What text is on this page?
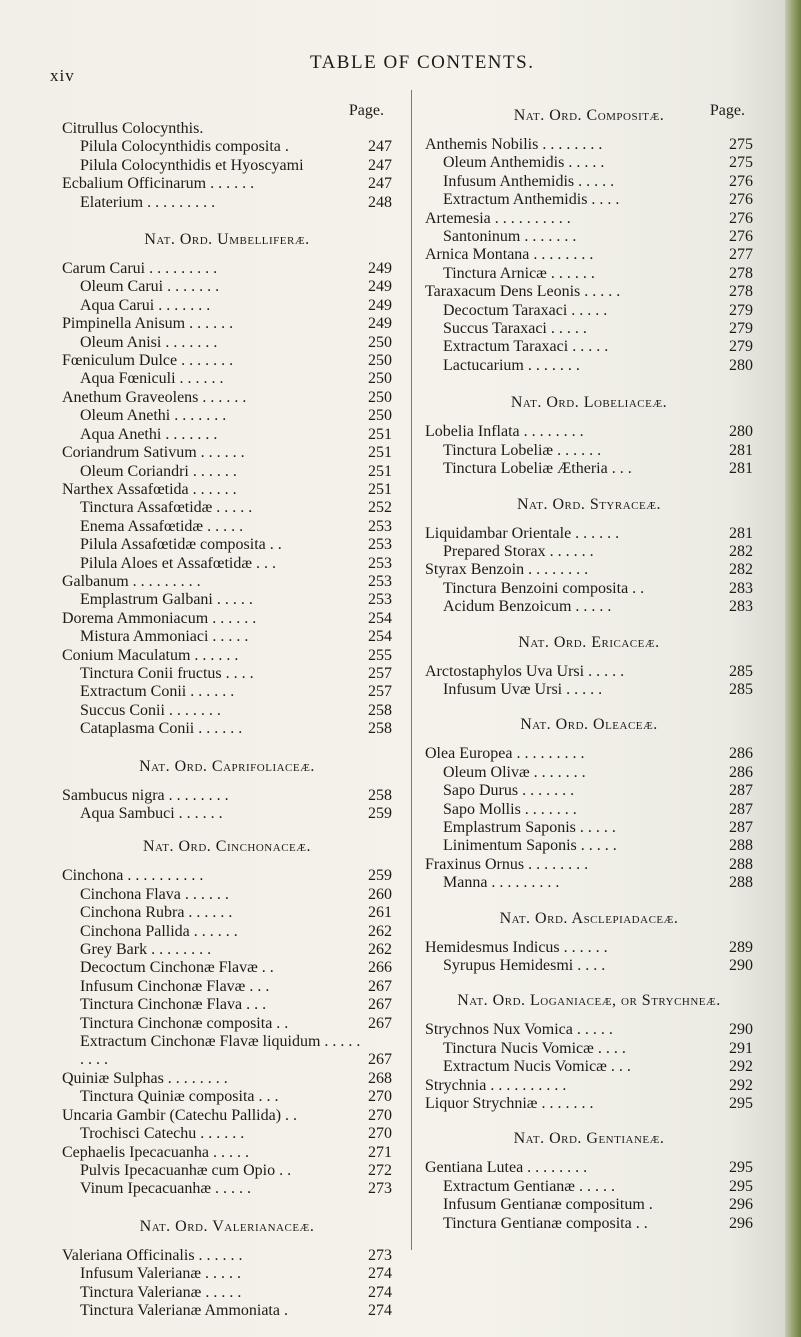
xiv
TABLE OF CONTENTS.
Page.
Citrullus Colocynthis.
Pilula Colocynthidis composita .	247
Pilula Colocynthidis et Hyoscyami	247
Ecbalium Officinarum . . . . . .	247
Elaterium . . . . . . . . .	248
Nat. Ord. Umbelliferæ.
Carum Carui . . . . . . . . .	249
Oleum Carui . . . . . . .	249
Aqua Carui . . . . . . .	249
Pimpinella Anisum . . . . . .	249
Oleum Anisi . . . . . . .	250
Fœniculum Dulce . . . . . . .	250
Aqua Fœniculi . . . . . .	250
Anethum Graveolens . . . . . .	250
Oleum Anethi . . . . . . .	250
Aqua Anethi . . . . . . .	251
Coriandrum Sativum . . . . . .	251
Oleum Coriandri . . . . . .	251
Narthex Assafœtida . . . . . .	251
Tinctura Assafœtidæ . . . . .	252
Enema Assafœtidæ . . . . .	253
Pilula Assafœtidæ composita . .	253
Pilula Aloes et Assafœtidæ . . .	253
Galbanum . . . . . . . . .	253
Emplastrum Galbani . . . . .	253
Dorema Ammoniacum . . . . . .	254
Mistura Ammoniaci . . . . .	254
Conium Maculatum . . . . . .	255
Tinctura Conii fructus . . . .	257
Extractum Conii . . . . . .	257
Succus Conii . . . . . . .	258
Cataplasma Conii . . . . . .	258
Nat. Ord. Caprifoliaceæ.
Sambucus nigra . . . . . . . .	258
Aqua Sambuci . . . . . .	259
Nat. Ord. Cinchonaceæ.
Cinchona . . . . . . . . . .	259
Cinchona Flava . . . . . .	260
Cinchona Rubra . . . . . .	261
Cinchona Pallida . . . . . .	262
Grey Bark . . . . . . . .	262
Decoctum Cinchonæ Flavæ . .	266
Infusum Cinchonæ Flavæ . . .	267
Tinctura Cinchonæ Flava . . .	267
Tinctura Cinchonæ composita . .	267
Extractum Cinchonæ Flavæ liquidum . . . . . . . . .	267
Quiniæ Sulphas . . . . . . . .	268
Tinctura Quiniæ composita . . .	270
Uncaria Gambir (Catechu Pallida) . .	270
Trochisci Catechu . . . . . .	270
Cephaelis Ipecacuanha . . . . .	271
Pulvis Ipecacuanhæ cum Opio . .	272
Vinum Ipecacuanhæ . . . . .	273
Nat. Ord. Valerianaceæ.
Valeriana Officinalis . . . . . .	273
Infusum Valerianæ . . . . .	274
Tinctura Valerianæ . . . . .	274
Tinctura Valerianæ Ammoniata .	274
Page.
Nat. Ord. Compositæ.
Anthemis Nobilis . . . . . . . .	275
Oleum Anthemidis . . . . .	275
Infusum Anthemidis . . . . .	276
Extractum Anthemidis . . . .	276
Artemesia . . . . . . . . . .	276
Santoninum . . . . . . .	276
Arnica Montana . . . . . . . .	277
Tinctura Arnicæ . . . . . .	278
Taraxacum Dens Leonis . . . . .	278
Decoctum Taraxaci . . . . .	279
Succus Taraxaci . . . . .	279
Extractum Taraxaci . . . . .	279
Lactucarium . . . . . . .	280
Nat. Ord. Lobeliaceæ.
Lobelia Inflata . . . . . . . .	280
Tinctura Lobeliæ . . . . . .	281
Tinctura Lobeliæ Ætheria . . .	281
Nat. Ord. Styraceæ.
Liquidambar Orientale . . . . . .	281
Prepared Storax . . . . . .	282
Styrax Benzoin . . . . . . . .	282
Tinctura Benzoini composita . .	283
Acidum Benzoicum . . . . .	283
Nat. Ord. Ericaceæ.
Arctostaphylos Uva Ursi . . . . .	285
Infusum Uvæ Ursi . . . . .	285
Nat. Ord. Oleaceæ.
Olea Europea . . . . . . . . .	286
Oleum Olivæ . . . . . . .	286
Sapo Durus . . . . . . .	287
Sapo Mollis . . . . . . .	287
Emplastrum Saponis . . . . .	287
Linimentum Saponis . . . . .	288
Fraxinus Ornus . . . . . . . .	288
Manna . . . . . . . . .	288
Nat. Ord. Asclepiadaceæ.
Hemidesmus Indicus . . . . . .	289
Syrupus Hemidesmi . . . .	290
Nat. Ord. Loganiaceæ, or Strychneæ.
Strychnos Nux Vomica . . . . .	290
Tinctura Nucis Vomicæ . . . .	291
Extractum Nucis Vomicæ . . .	292
Strychnia . . . . . . . . . .	292
Liquor Strychniæ . . . . . . .	295
Nat. Ord. Gentianeæ.
Gentiana Lutea . . . . . . . .	295
Extractum Gentianæ . . . . .	295
Infusum Gentianæ compositum .	296
Tinctura Gentianæ composita . .	296
